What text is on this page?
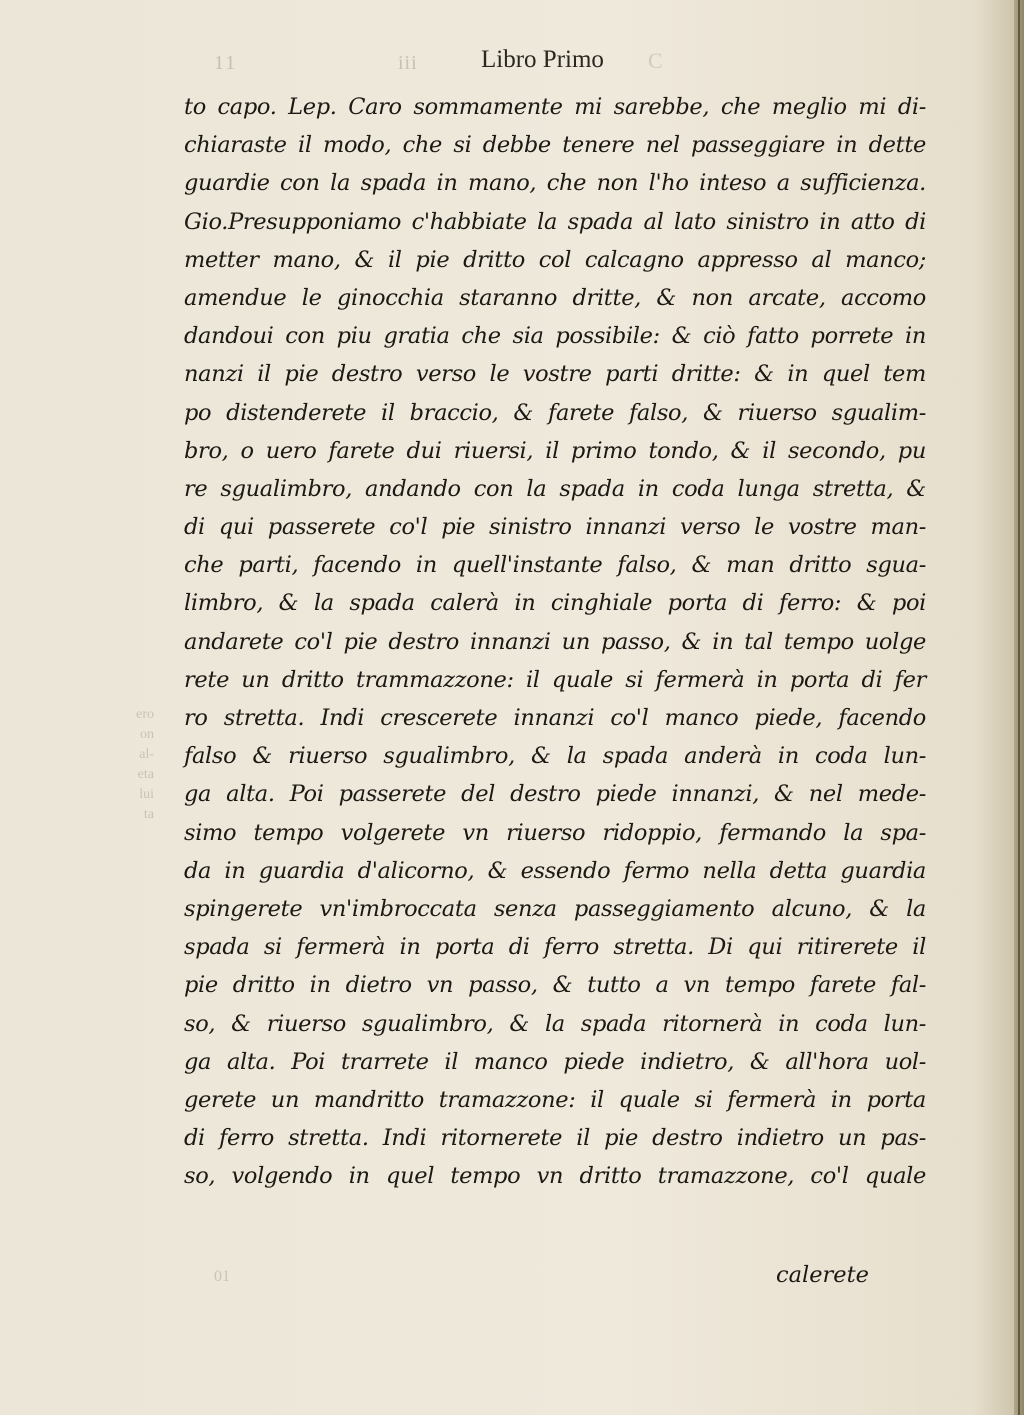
11	iii	Libro Primo C
ero
on
al-
eta
lui
ta
to capo. Lep. Caro sommamente mi sarebbe, che meglio mi di-
chiaraste il modo, che si debbe tenere nel passeggiare in dette
guardie con la spada in mano, che non l'ho inteso a sufficienza.
Gio.Presupponiamo c'habbiate la spada al lato sinistro in atto di
metter mano, & il pie dritto col calcagno appresso al manco;
amendue le ginocchia staranno dritte, & non arcate, accomo
dandoui con piu gratia che sia possibile: & ciò fatto porrete in
nanzi il pie destro verso le vostre parti dritte: & in quel tem
po distenderete il braccio, & farete falso, & riuerso sgualim-
bro, o uero farete dui riuersi, il primo tondo, & il secondo, pu
re sgualimbro, andando con la spada in coda lunga stretta, &
di qui passerete co'l pie sinistro innanzi verso le vostre man-
che parti, facendo in quell'instante falso, & man dritto sgua-
limbro, & la spada calerà in cinghiale porta di ferro: & poi
andarete co'l pie destro innanzi un passo, & in tal tempo uolge
rete un dritto trammazzone: il quale si fermerà in porta di fer
ro stretta. Indi crescerete innanzi co'l manco piede, facendo
falso & riuerso sgualimbro, & la spada anderà in coda lun-
ga alta. Poi passerete del destro piede innanzi, & nel mede-
simo tempo volgerete vn riuerso ridoppio, fermando la spa-
da in guardia d'alicorno, & essendo fermo nella detta guardia
spingerete vn'imbroccata senza passeggiamento alcuno, & la
spada si fermerà in porta di ferro stretta. Di qui ritirerete il
pie dritto in dietro vn passo, & tutto a vn tempo farete fal-
so, & riuerso sgualimbro, & la spada ritornerà in coda lun-
ga alta. Poi trarrete il manco piede indietro, & all'hora uol-
gerete un mandritto tramazzone: il quale si fermerà in porta
di ferro stretta. Indi ritornerete il pie destro indietro un pas-
so, volgendo in quel tempo vn dritto tramazzone, co'l quale
calerete
01
